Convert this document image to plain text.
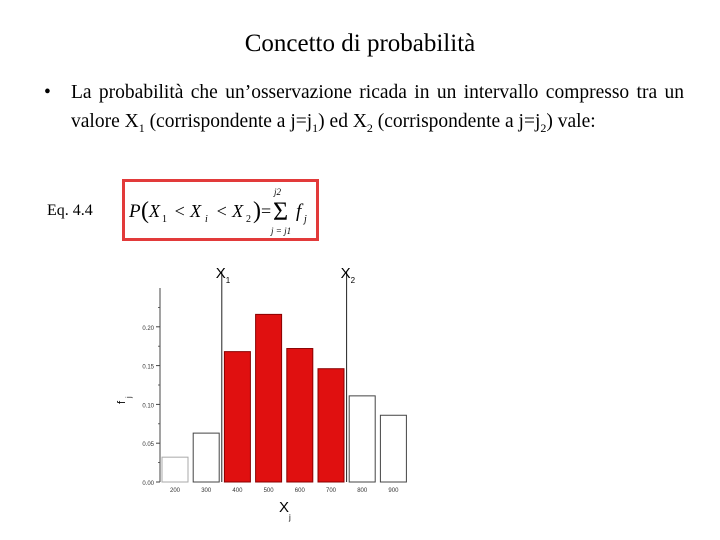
Concetto di probabilità
• La probabilità che un’osservazione ricada in un intervallo compresso tra un valore $X_1$ (corrispondente a $j=j_1$) ed $X_2$ (corrispondente a $j=j_2$) vale:
Eq. 4.4 P ( X 1 < X i < X 2 ) =
j2
Σ
j = j1
f j
0.00
0.05
0.10
0.15
0.20
f
j
200	300	400	500	600	700	800	900
X 1	X 2
X
j
